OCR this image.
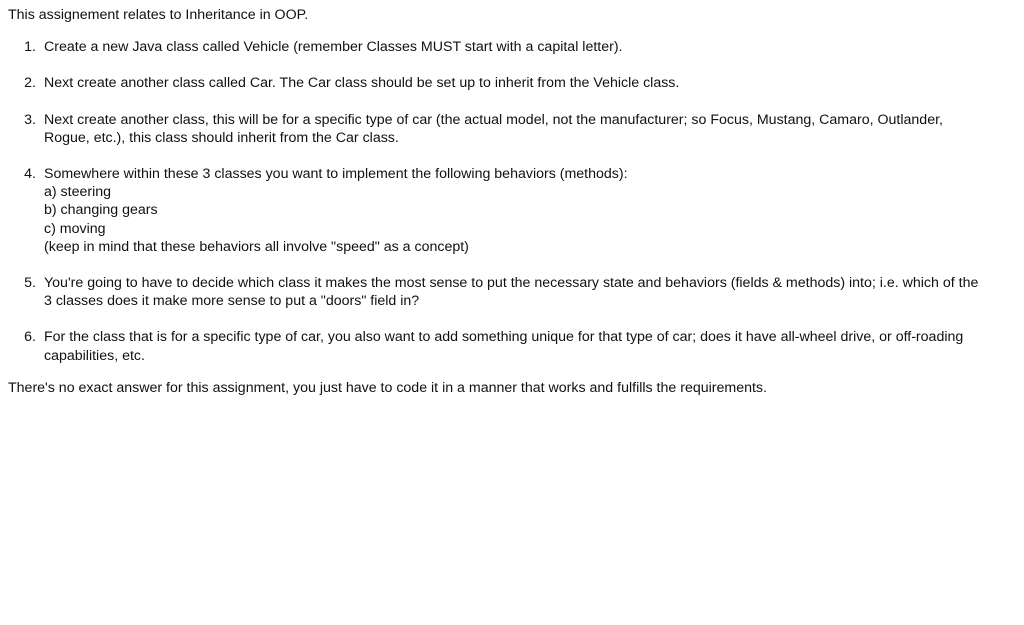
This assignement relates to Inheritance in OOP.

1. Create a new Java class called Vehicle (remember Classes MUST start with a capital letter).
2. Next create another class called Car. The Car class should be set up to inherit from the Vehicle class.
3. Next create another class, this will be for a specific type of car (the actual model, not the manufacturer; so Focus, Mustang, Camaro, Outlander,
Rogue, etc.), this class should inherit from the Car class.
4. Somewhere within these 3 classes you want to implement the following behaviors (methods):
a) steering
b) changing gears
c) moving
(keep in mind that these behaviors all involve "speed" as a concept)
5. You're going to have to decide which class it makes the most sense to put the necessary state and behaviors (fields & methods) into; i.e. which of the
3 classes does it make more sense to put a "doors" field in?
6. For the class that is for a specific type of car, you also want to add something unique for that type of car; does it have all-wheel drive, or off-roading
capabilities, etc.

There's no exact answer for this assignment, you just have to code it in a manner that works and fulfills the requirements.
